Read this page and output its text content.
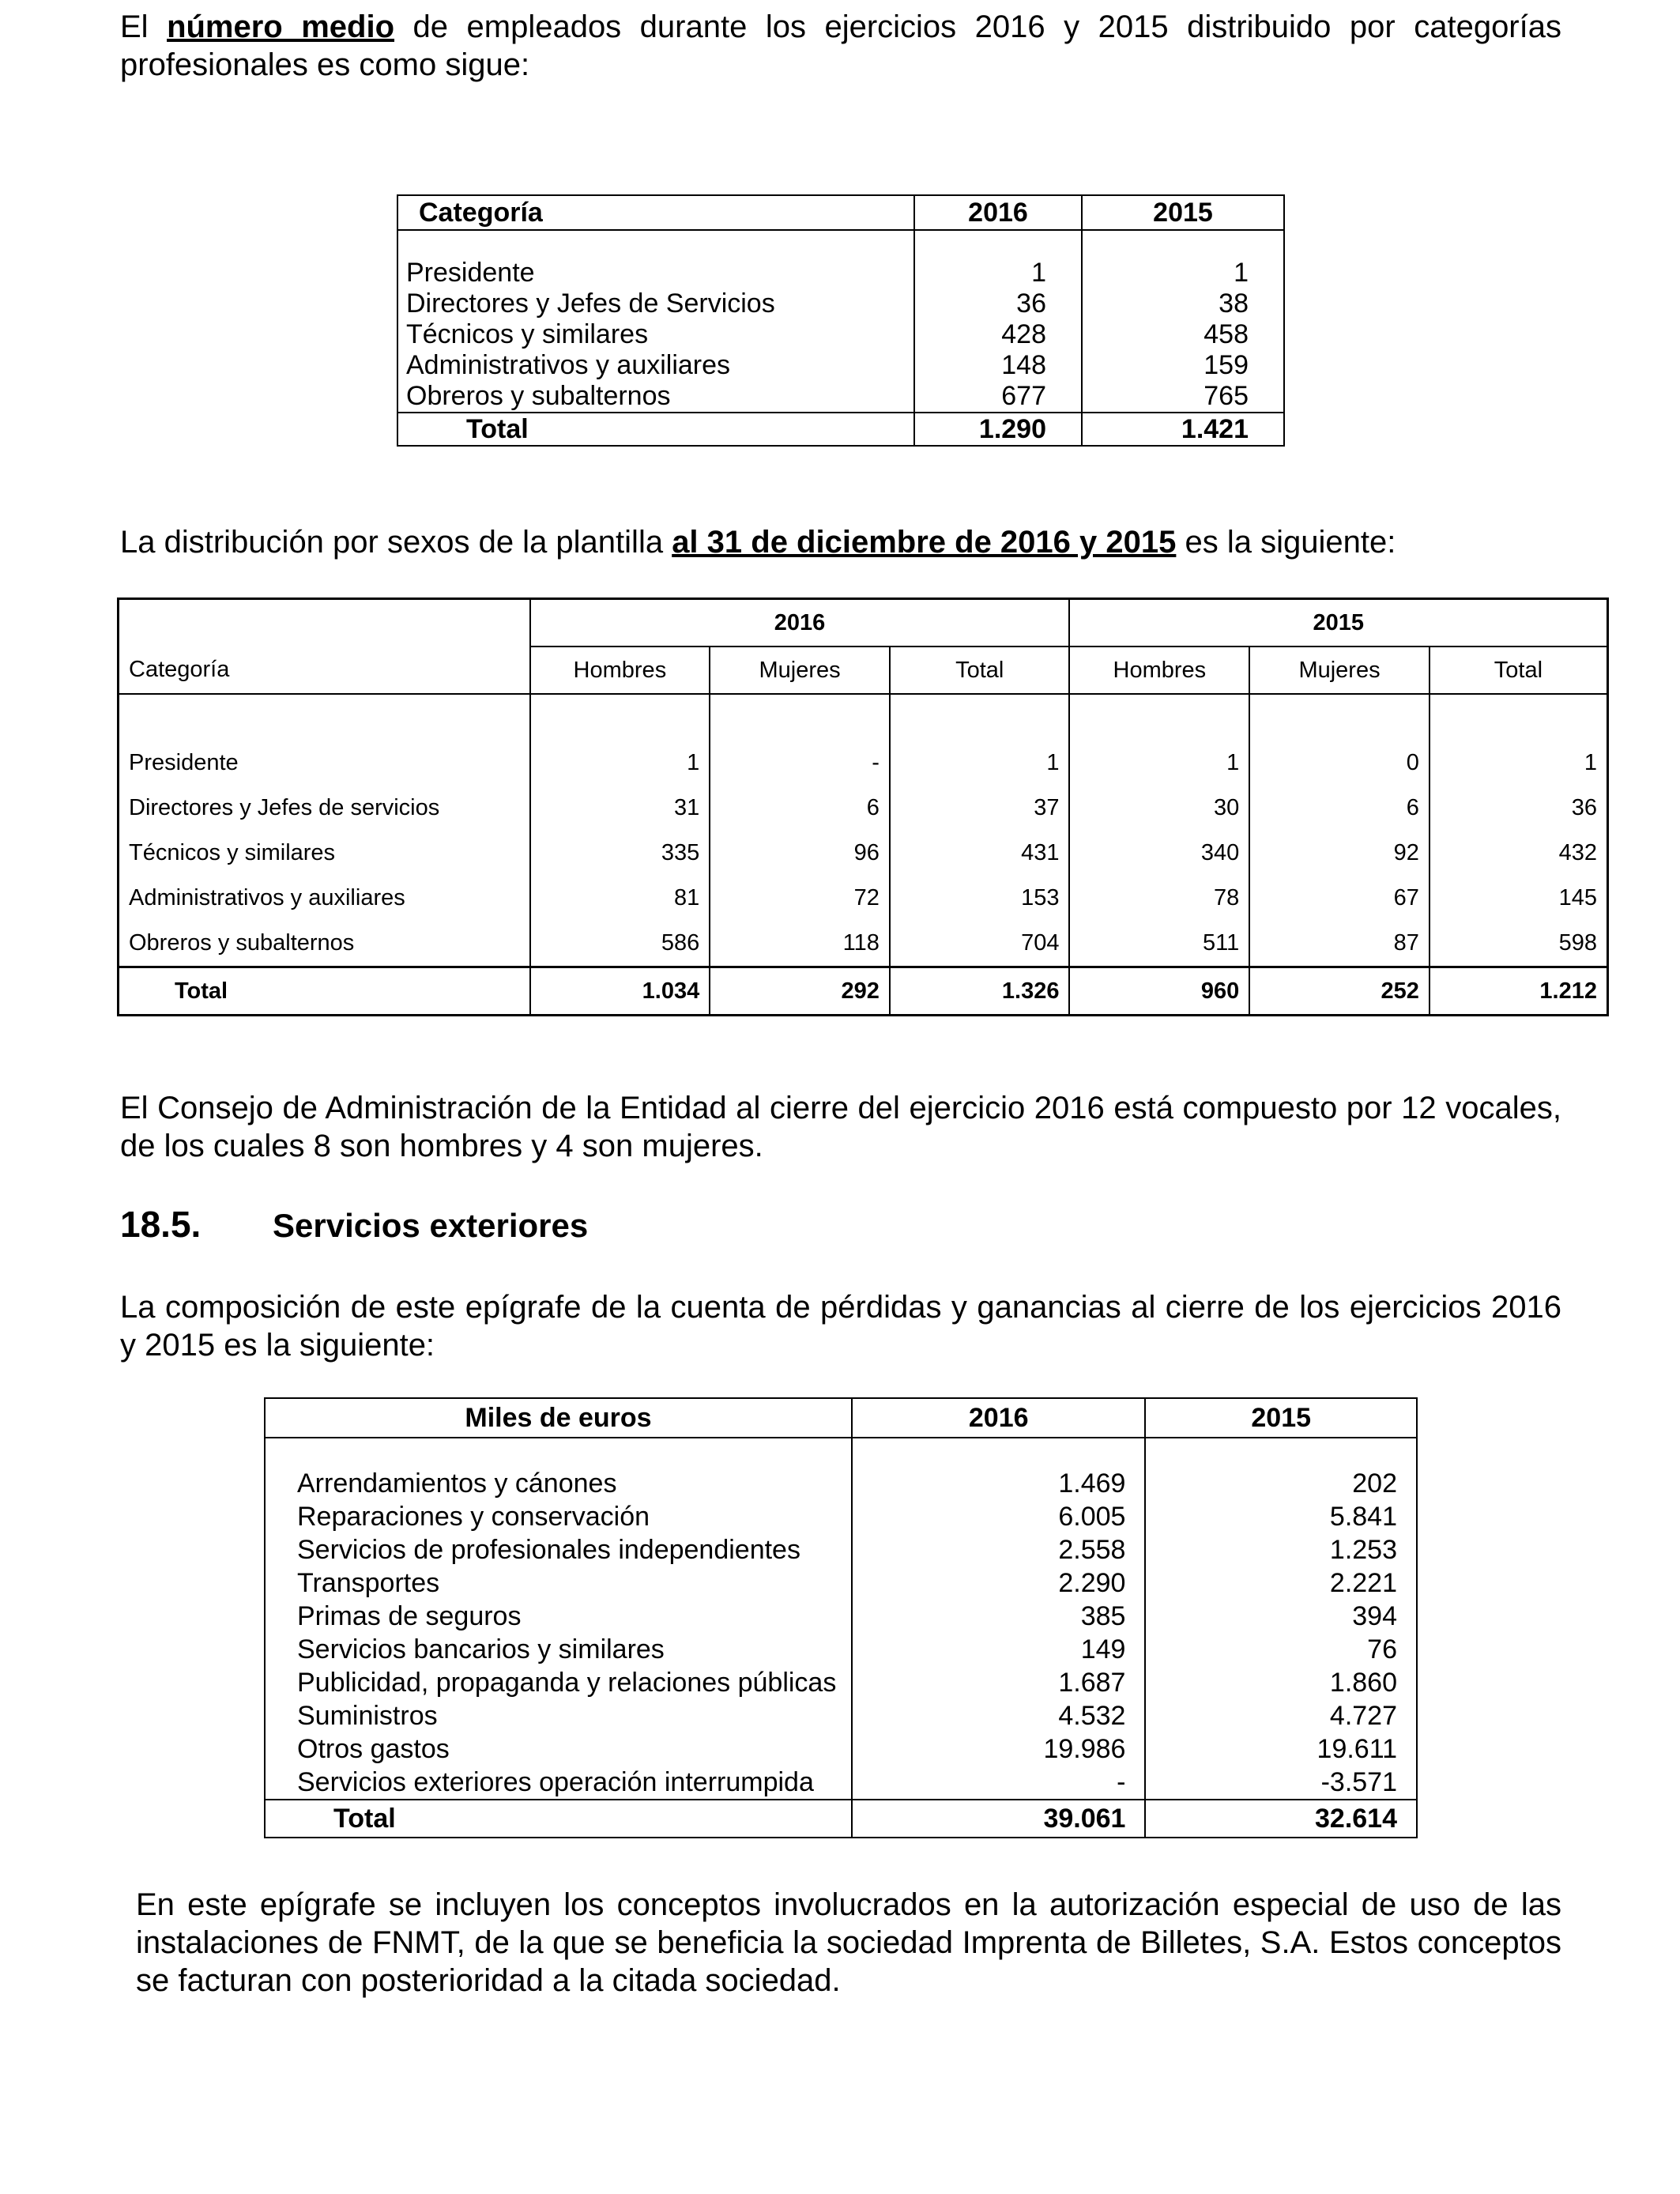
El número medio de empleados durante los ejercicios 2016 y 2015 distribuido por categorías profesionales es como sigue:

Categoría	2016	2015

Presidente	1	1
Directores y Jefes de Servicios	36	38
Técnicos y similares	428	458
Administrativos y auxiliares	148	159
Obreros y subalternos	677	765
Total	1.290	1.421

La distribución por sexos de la plantilla al 31 de diciembre de 2016 y 2015 es la siguiente:

	2016			2015		
Categoría	Hombres	Mujeres	Total	Hombres	Mujeres	Total

Presidente	1	-	1	1	0	1
Directores y Jefes de servicios	31	6	37	30	6	36
Técnicos y similares	335	96	431	340	92	432
Administrativos y auxiliares	81	72	153	78	67	145
Obreros y subalternos	586	118	704	511	87	598
Total	1.034	292	1.326	960	252	1.212

El Consejo de Administración de la Entidad al cierre del ejercicio 2016 está compuesto por 12 vocales, de los cuales 8 son hombres y 4 son mujeres.

18.5. Servicios exteriores

La composición de este epígrafe de la cuenta de pérdidas y ganancias al cierre de los ejercicios 2016 y 2015 es la siguiente:

Miles de euros	2016	2015

Arrendamientos y cánones	1.469	202
Reparaciones y conservación	6.005	5.841
Servicios de profesionales independientes	2.558	1.253
Transportes	2.290	2.221
Primas de seguros	385	394
Servicios bancarios y similares	149	76
Publicidad, propaganda y relaciones públicas	1.687	1.860
Suministros	4.532	4.727
Otros gastos	19.986	19.611
Servicios exteriores operación interrumpida	-	-3.571
Total	39.061	32.614

En este epígrafe se incluyen los conceptos involucrados en la autorización especial de uso de las instalaciones de FNMT, de la que se beneficia la sociedad Imprenta de Billetes, S.A. Estos conceptos se facturan con posterioridad a la citada sociedad.
